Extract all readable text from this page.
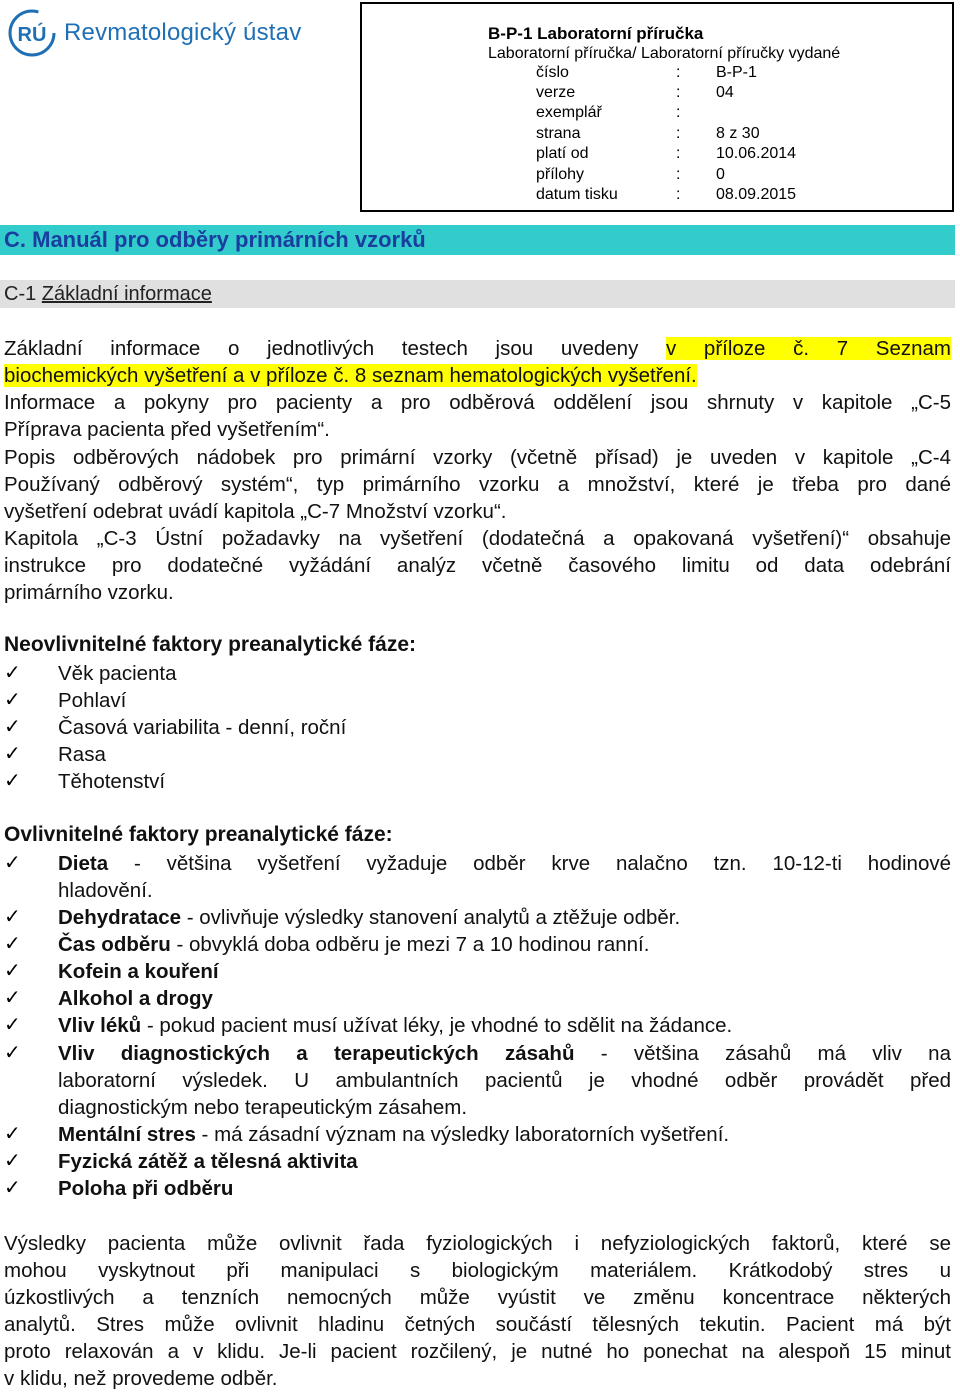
RÚ Revmatologický ústav	B-P-1 Laboratorní příručka
Laboratorní příručka/ Laboratorní příručky vydané
číslo	: B-P-1
verze	: 04
exemplář	:
strana	: 8 z 30
platí od	: 10.06.2014
přílohy	: 0
datum tisku	: 08.09.2015
C. Manuál pro odběry primárních vzorků
C-1 Základní informace
Základní informace o jednotlivých testech jsou uvedeny v příloze č. 7 Seznam
biochemických vyšetření a v příloze č. 8 seznam hematologických vyšetření.
Informace a pokyny pro pacienty a pro odběrová oddělení jsou shrnuty v kapitole „C-5
Příprava pacienta před vyšetřením“.
Popis odběrových nádobek pro primární vzorky (včetně přísad) je uveden v kapitole „C-4
Používaný odběrový systém“, typ primárního vzorku a množství, které je třeba pro dané
vyšetření odebrat uvádí kapitola „C-7 Množství vzorku“.
Kapitola „C-3 Ústní požadavky na vyšetření (dodatečná a opakovaná vyšetření)“ obsahuje
instrukce pro dodatečné vyžádání analýz včetně časového limitu od data odebrání
primárního vzorku.
Neovlivnitelné faktory preanalytické fáze:
✓ Věk pacienta
✓ Pohlaví
✓ Časová variabilita - denní, roční
✓ Rasa
✓ Těhotenství
Ovlivnitelné faktory preanalytické fáze:
✓ Dieta - většina vyšetření vyžaduje odběr krve nalačno tzn. 10-12-ti hodinové
hladovění.
✓ Dehydratace - ovlivňuje výsledky stanovení analytů a ztěžuje odběr.
✓ Čas odběru - obvyklá doba odběru je mezi 7 a 10 hodinou ranní.
✓ Kofein a kouření
✓ Alkohol a drogy
✓ Vliv léků - pokud pacient musí užívat léky, je vhodné to sdělit na žádance.
✓ Vliv diagnostických a terapeutických zásahů - většina zásahů má vliv na
laboratorní výsledek. U ambulantních pacientů je vhodné odběr provádět před
diagnostickým nebo terapeutickým zásahem.
✓ Mentální stres - má zásadní význam na výsledky laboratorních vyšetření.
✓ Fyzická zátěž a tělesná aktivita
✓ Poloha při odběru
Výsledky pacienta může ovlivnit řada fyziologických i nefyziologických faktorů, které se
mohou vyskytnout při manipulaci s biologickým materiálem. Krátkodobý stres u
úzkostlivých a tenzních nemocných může vyústit ve změnu koncentrace některých
analytů. Stres může ovlivnit hladinu četných součástí tělesných tekutin. Pacient má být
proto relaxován a v klidu. Je-li pacient rozčilený, je nutné ho ponechat na alespoň 15 minut
v klidu, než provedeme odběr.
